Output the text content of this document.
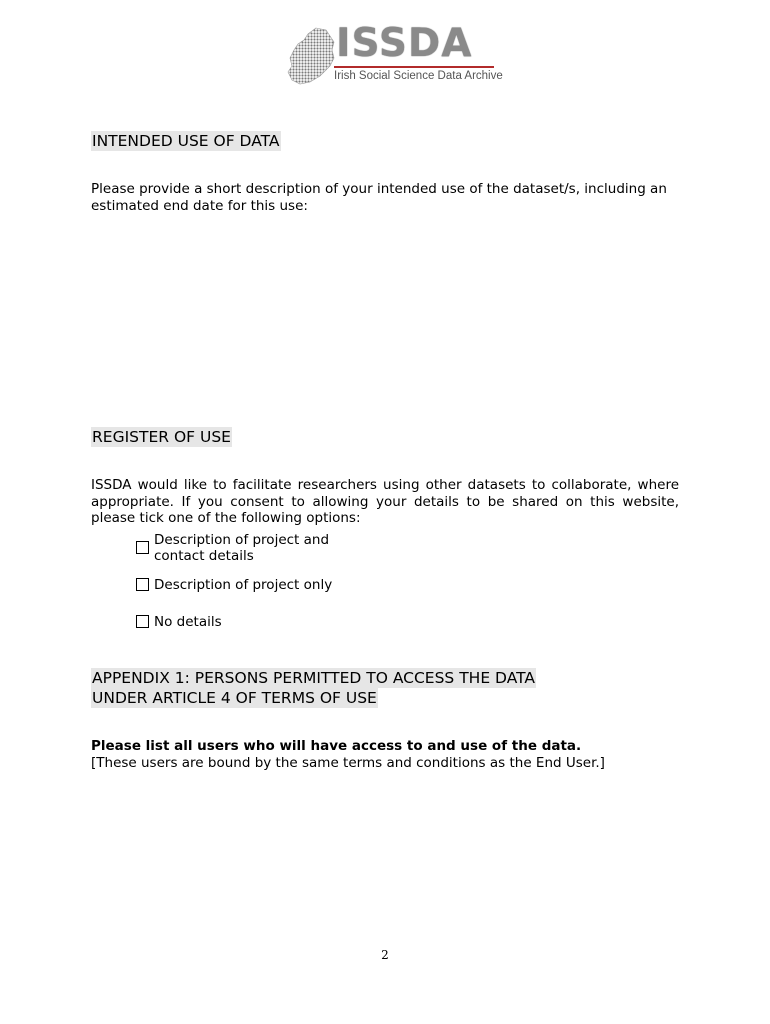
ISSDA
Irish Social Science Data Archive
INTENDED USE OF DATA

Please provide a short description of your intended use of the dataset/s, including an estimated end date for this use:

REGISTER OF USE

ISSDA would like to facilitate researchers using other datasets to collaborate, where appropriate. If you consent to allowing your details to be shared on this website, please tick one of the following options:

Description of project and contact details
Description of project only
No details
APPENDIX 1: PERSONS PERMITTED TO ACCESS THE DATA
UNDER ARTICLE 4 OF TERMS OF USE

Please list all users who will have access to and use of the data.

[These users are bound by the same terms and conditions as the End User.]

2
